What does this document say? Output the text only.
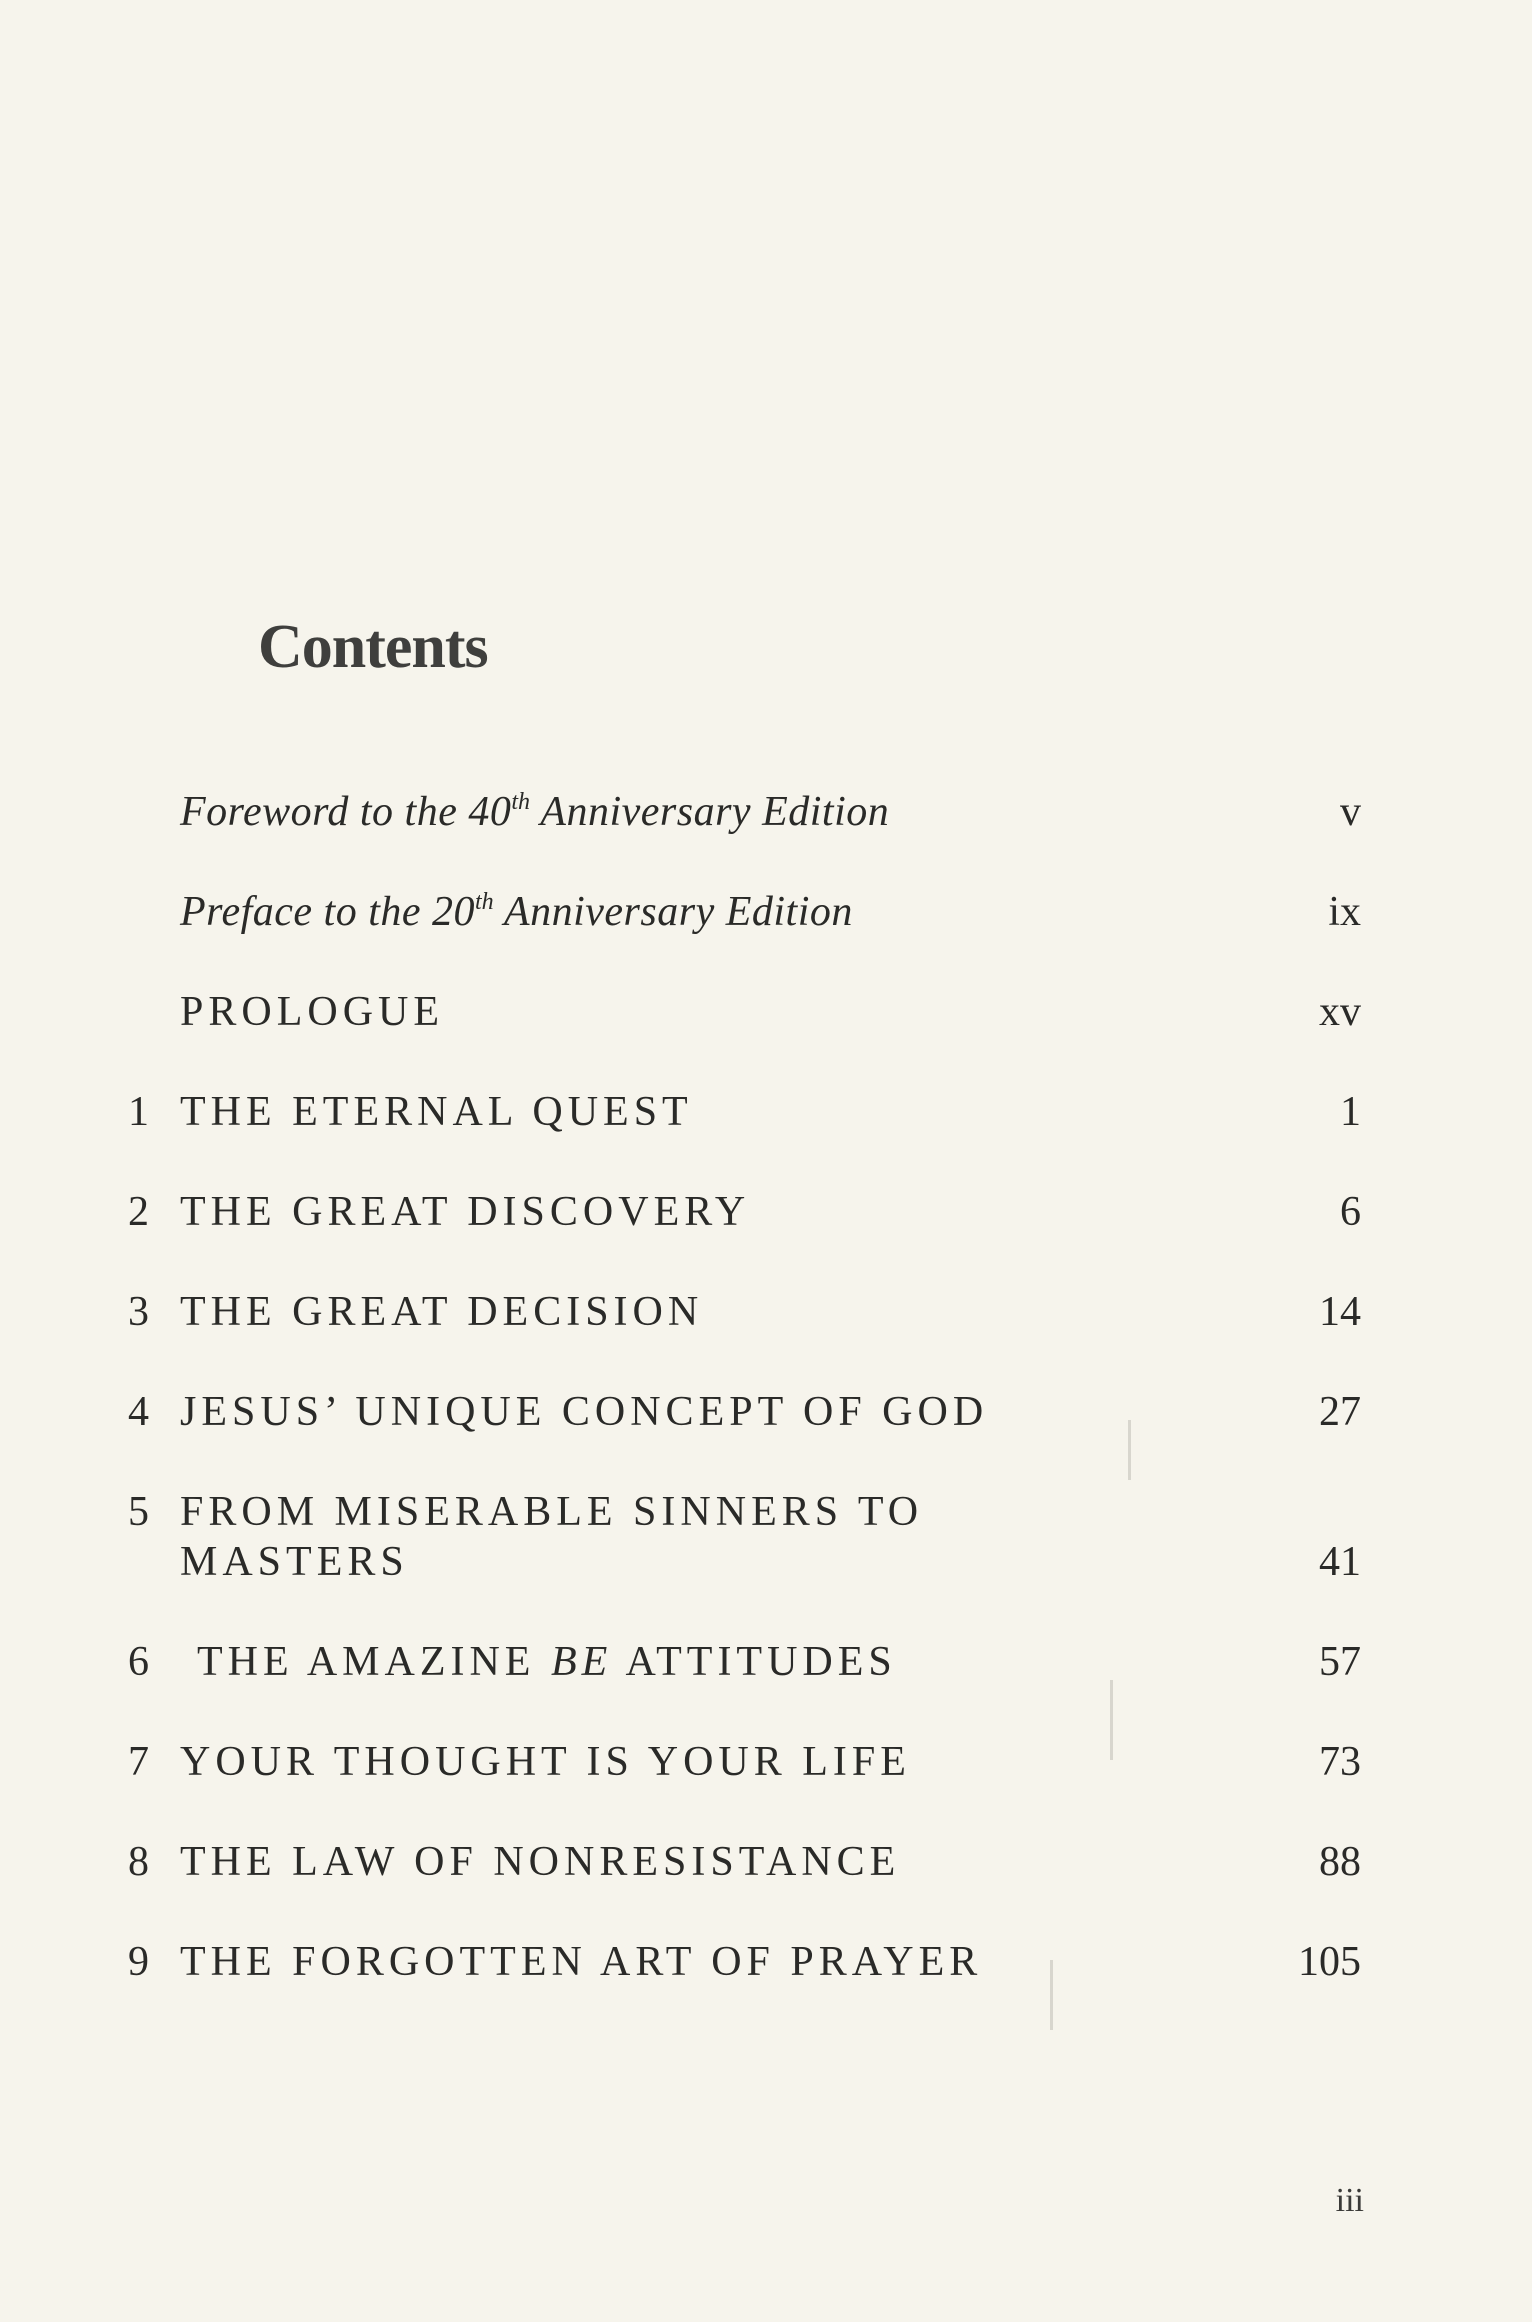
Contents
Foreword to the 40th Anniversary Edition	v
Preface to the 20th Anniversary Edition	ix
PROLOGUE	xv
1 THE ETERNAL QUEST	1
2 THE GREAT DISCOVERY	6
3 THE GREAT DECISION	14
4 JESUS’ UNIQUE CONCEPT OF GOD	27
5 FROM MISERABLE SINNERS TO
MASTERS	41
6	THE AMAZINE BE ATTITUDES	57
7 YOUR THOUGHT IS YOUR LIFE	73
8 THE LAW OF NONRESISTANCE	88
9 THE FORGOTTEN ART OF PRAYER	105
iii
